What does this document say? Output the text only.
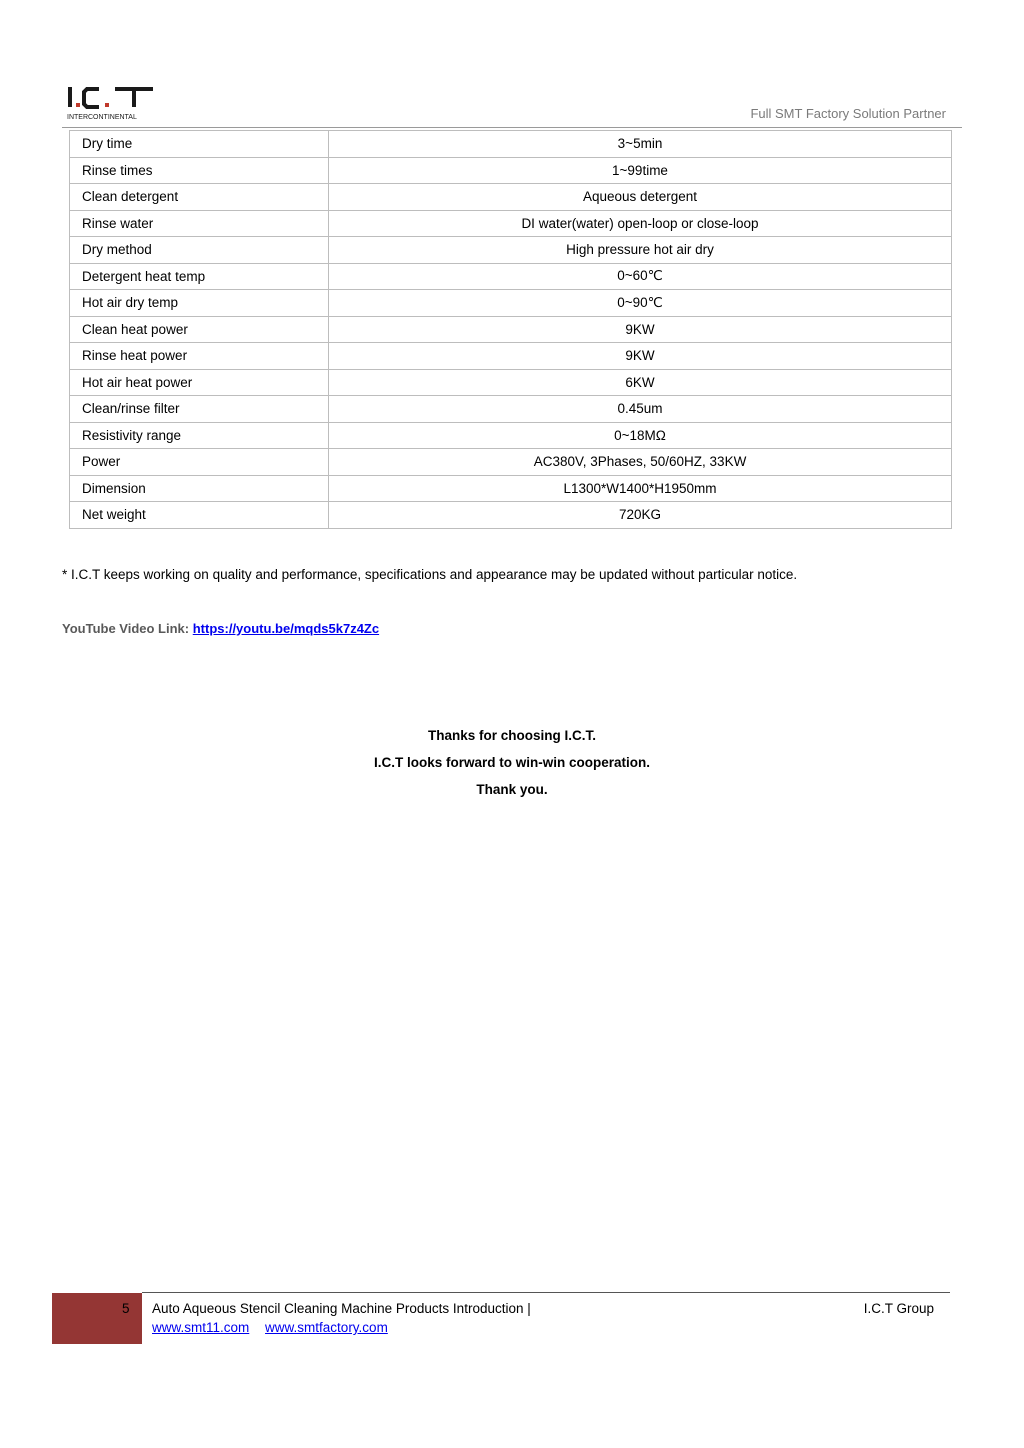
INTERCONTINENTAL	Full SMT Factory Solution Partner
Dry time	3~5min
Rinse times	1~99time
Clean detergent	Aqueous detergent
Rinse water	DI water(water) open-loop or close-loop
Dry method	High pressure hot air dry
Detergent heat temp	0~60℃
Hot air dry temp	0~90℃
Clean heat power	9KW
Rinse heat power	9KW
Hot air heat power	6KW
Clean/rinse filter	0.45um
Resistivity range	0~18MΩ
Power	AC380V, 3Phases, 50/60HZ, 33KW
Dimension	L1300*W1400*H1950mm
Net weight	720KG
* I.C.T keeps working on quality and performance, specifications and appearance may be updated without particular notice.
YouTube Video Link: https://youtu.be/mqds5k7z4Zc
Thanks for choosing I.C.T.
I.C.T looks forward to win-win cooperation.
Thank you.
5 Auto Aqueous Stencil Cleaning Machine Products Introduction |	I.C.T Group
www.smt11.com www.smtfactory.com
